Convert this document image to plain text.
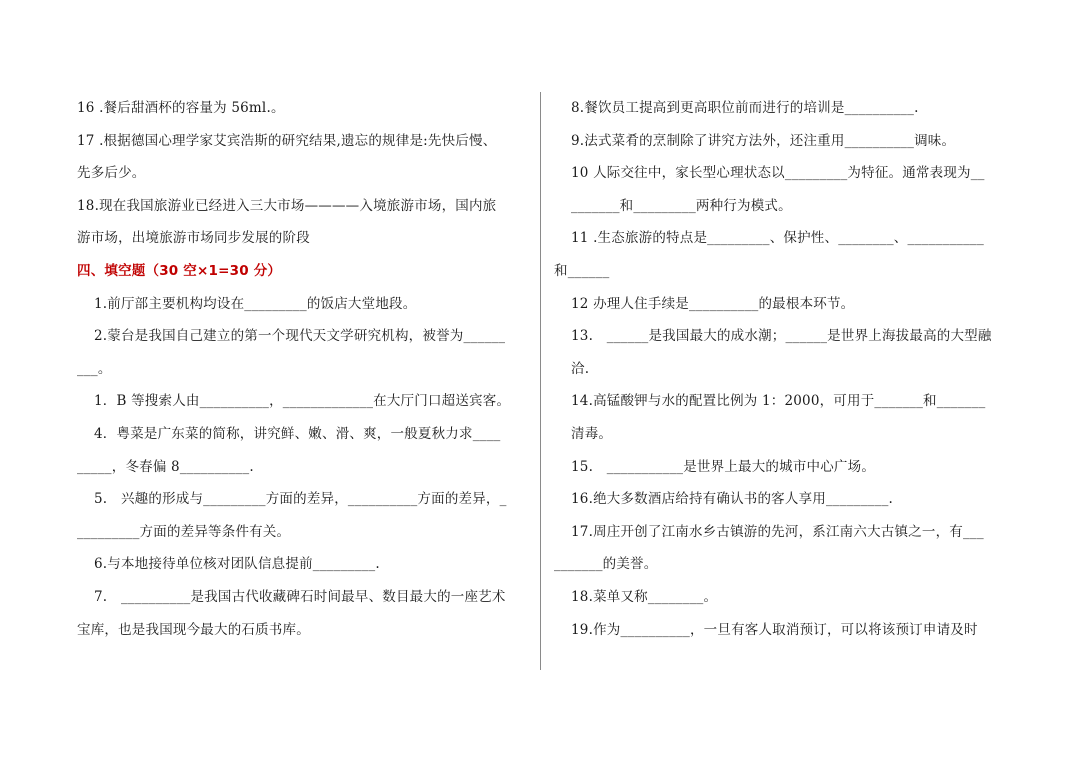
16 .餐后甜酒杯的容量为 56ml.。
17 .根据德国心理学家艾宾浩斯的研究结果,遗忘的规律是:先快后慢、
先多后少。
18.现在我国旅游业已经进入三大市场————入境旅游市场，国内旅
游市场，出境旅游市场同步发展的阶段
四、填空题（30 空×1=30 分）
1.前厅部主要机构均设在_________的饭店大堂地段。
2.蒙台是我国自己建立的第一个现代天文学研究机构，被誉为______
___。
1．B 等搜索人由__________，_____________在大厅门口超送宾客。
4．粤菜是广东菜的简称，讲究鲜、嫩、滑、爽，一般夏秋力求____
_____，冬春偏 8__________.
5.　兴趣的形成与_________方面的差异，__________方面的差异，_
_________方面的差异等条件有关。
6.与本地接待单位核对团队信息提前_________.
7.　__________是我国古代收藏碑石时间最早、数目最大的一座艺术
宝库，也是我国现今最大的石质书库。
8.餐饮员工提高到更高职位前而进行的培训是__________.
9.法式菜肴的烹制除了讲究方法外，还注重用__________调味。
10 人际交往中，家长型心理状态以_________为特征。通常表现为__
_______和_________两种行为模式。
11 .生态旅游的特点是_________、保护性、________、___________
和______
12 办理人住手续是__________的最根本环节。
13.　______是我国最大的成水潮；______是世界上海拔最高的大型融
洽.
14.高锰酸钾与水的配置比例为 1：2000，可用于_______和_______
清毒。
15.　___________是世界上最大的城市中心广场。
16.绝大多数酒店给持有确认书的客人享用_________.
17.周庄开创了江南水乡古镇游的先河，系江南六大古镇之一，有___
_______的美誉。
18.菜单又称________。
19.作为__________，一旦有客人取消预订，可以将该预订申请及时
